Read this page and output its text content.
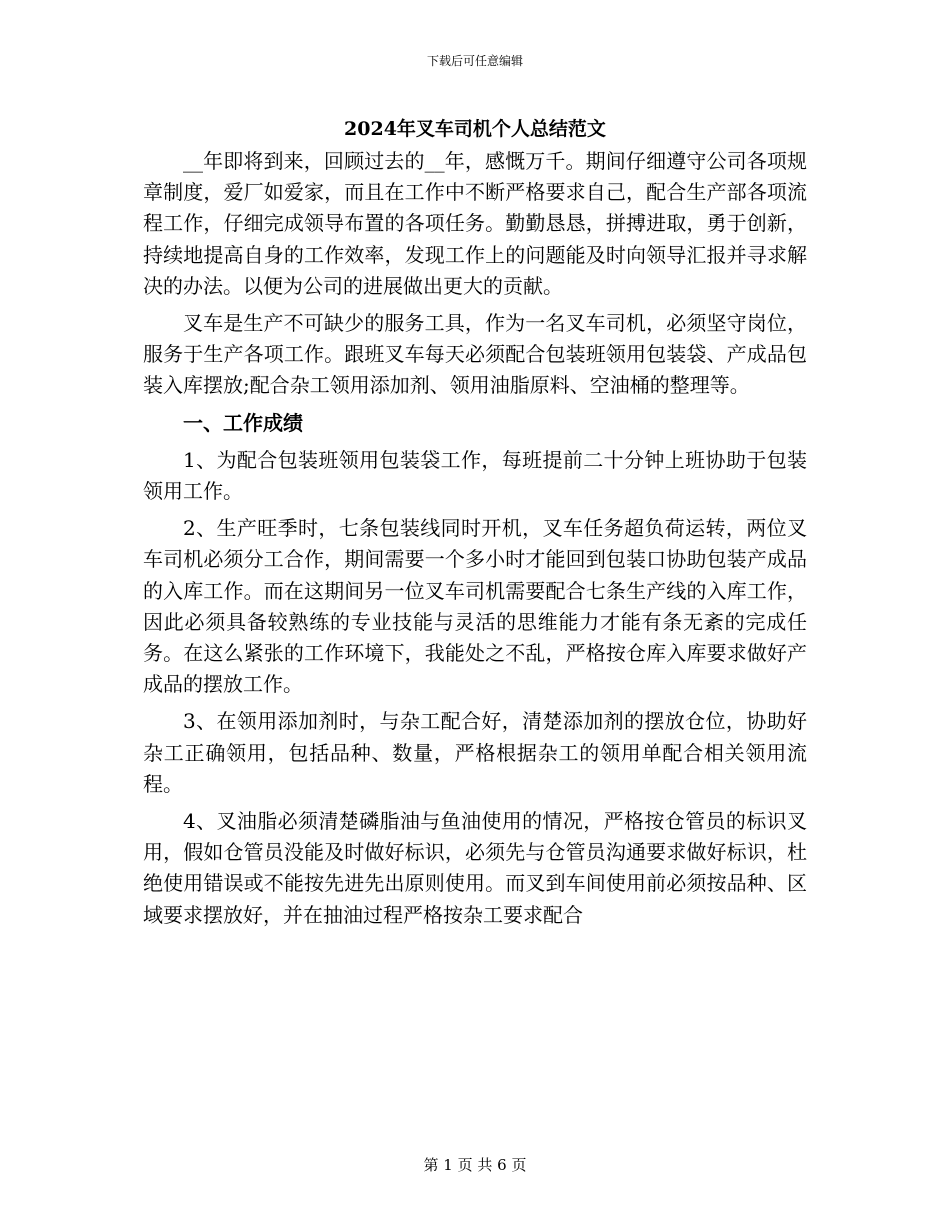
下载后可任意编辑
2024年叉车司机个人总结范文

__年即将到来，回顾过去的__年，感慨万千。期间仔细遵守公司各项规章制度，爱厂如爱家，而且在工作中不断严格要求自己，配合生产部各项流程工作，仔细完成领导布置的各项任务。勤勤恳恳，拼搏进取，勇于创新，持续地提高自身的工作效率，发现工作上的问题能及时向领导汇报并寻求解决的办法。以便为公司的进展做出更大的贡献。

叉车是生产不可缺少的服务工具，作为一名叉车司机，必须坚守岗位，服务于生产各项工作。跟班叉车每天必须配合包装班领用包装袋、产成品包装入库摆放;配合杂工领用添加剂、领用油脂原料、空油桶的整理等。

一、工作成绩

1、为配合包装班领用包装袋工作，每班提前二十分钟上班协助于包装领用工作。

2、生产旺季时，七条包装线同时开机，叉车任务超负荷运转，两位叉车司机必须分工合作，期间需要一个多小时才能回到包装口协助包装产成品的入库工作。而在这期间另一位叉车司机需要配合七条生产线的入库工作，因此必须具备较熟练的专业技能与灵活的思维能力才能有条无紊的完成任务。在这么紧张的工作环境下，我能处之不乱，严格按仓库入库要求做好产成品的摆放工作。

3、在领用添加剂时，与杂工配合好，清楚添加剂的摆放仓位，协助好杂工正确领用，包括品种、数量，严格根据杂工的领用单配合相关领用流程。

4、叉油脂必须清楚磷脂油与鱼油使用的情况，严格按仓管员的标识叉用，假如仓管员没能及时做好标识，必须先与仓管员沟通要求做好标识，杜绝使用错误或不能按先进先出原则使用。而叉到车间使用前必须按品种、区域要求摆放好，并在抽油过程严格按杂工要求配合

第 1 页 共 6 页
